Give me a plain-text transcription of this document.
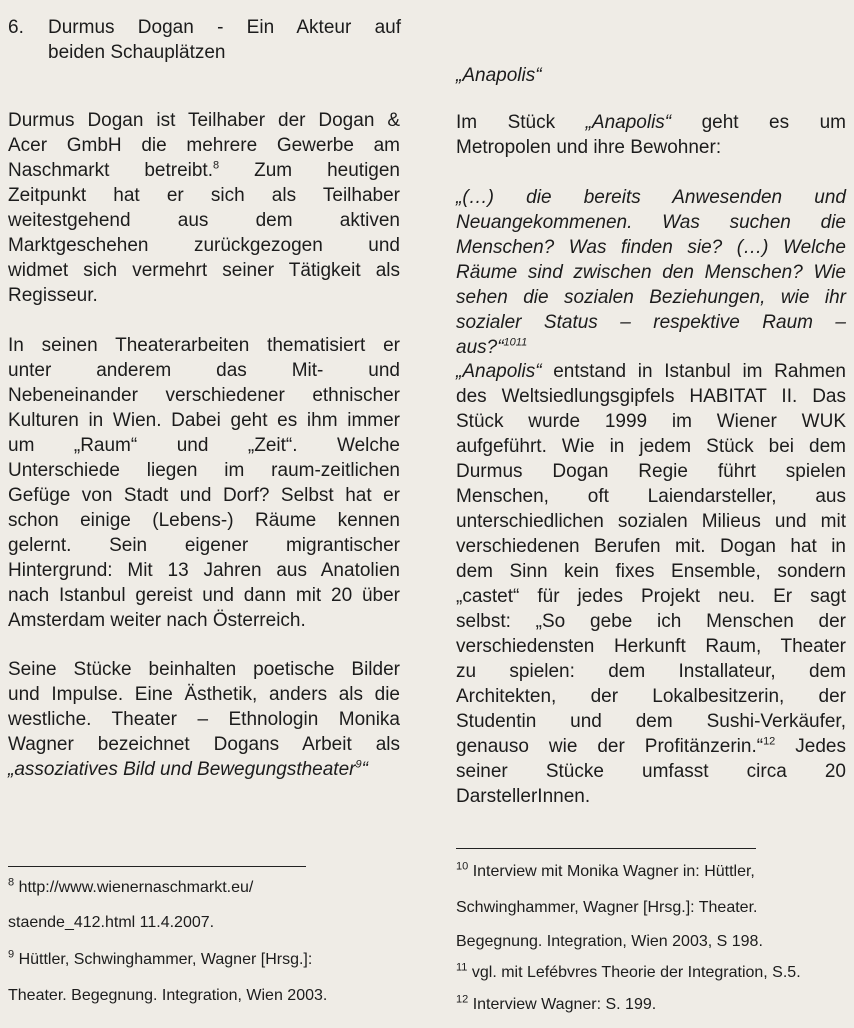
6. Durmus Dogan - Ein Akteur auf
beiden Schauplätzen
Durmus Dogan ist Teilhaber der Dogan &
Acer GmbH die mehrere Gewerbe am
Naschmarkt betreibt.$^8$ Zum heutigen
Zeitpunkt hat er sich als Teilhaber
weitestgehend aus dem aktiven
Marktgeschehen zurückgezogen und
widmet sich vermehrt seiner Tätigkeit als
Regisseur.
In seinen Theaterarbeiten thematisiert er
unter anderem das Mit- und
Nebeneinander verschiedener ethnischer
Kulturen in Wien. Dabei geht es ihm immer
um „Raum“ und „Zeit“. Welche
Unterschiede liegen im raum-zeitlichen
Gefüge von Stadt und Dorf? Selbst hat er
schon einige (Lebens-) Räume kennen
gelernt. Sein eigener migrantischer
Hintergrund: Mit 13 Jahren aus Anatolien
nach Istanbul gereist und dann mit 20 über
Amsterdam weiter nach Österreich.
Seine Stücke beinhalten poetische Bilder
und Impulse. Eine Ästhetik, anders als die
westliche. Theater – Ethnologin Monika
Wagner bezeichnet Dogans Arbeit als
„assoziatives Bild und Bewegungstheater$^9$“

$^8$ http://www.wienernaschmarkt.eu/

staende_412.html 11.4.2007.

$^9$ Hüttler, Schwinghammer, Wagner [Hrsg.]:

Theater. Begegnung. Integration, Wien 2003.

„Anapolis“
Im Stück „Anapolis“ geht es um
Metropolen und ihre Bewohner:
„(…) die bereits Anwesenden und
Neuangekommenen. Was suchen die
Menschen? Was finden sie? (…) Welche
Räume sind zwischen den Menschen? Wie
sehen die sozialen Beziehungen, wie ihr
sozialer Status – respektive Raum –
aus?“$^{1011}$
„Anapolis“ entstand in Istanbul im Rahmen
des Weltsiedlungsgipfels HABITAT II. Das
Stück wurde 1999 im Wiener WUK
aufgeführt. Wie in jedem Stück bei dem
Durmus Dogan Regie führt spielen
Menschen, oft Laiendarsteller, aus
unterschiedlichen sozialen Milieus und mit
verschiedenen Berufen mit. Dogan hat in
dem Sinn kein fixes Ensemble, sondern
„castet“ für jedes Projekt neu. Er sagt
selbst: „So gebe ich Menschen der
verschiedensten Herkunft Raum, Theater
zu spielen: dem Installateur, dem
Architekten, der Lokalbesitzerin, der
Studentin und dem Sushi-Verkäufer,
genauso wie der Profitänzerin.“$^{12}$ Jedes
seiner Stücke umfasst circa 20
DarstellerInnen.

$^{10}$ Interview mit Monika Wagner in: Hüttler,

Schwinghammer, Wagner [Hrsg.]: Theater.

Begegnung. Integration, Wien 2003, S 198.

$^{11}$ vgl. mit Lefébvres Theorie der Integration, S.5.

$^{12}$ Interview Wagner: S. 199.
